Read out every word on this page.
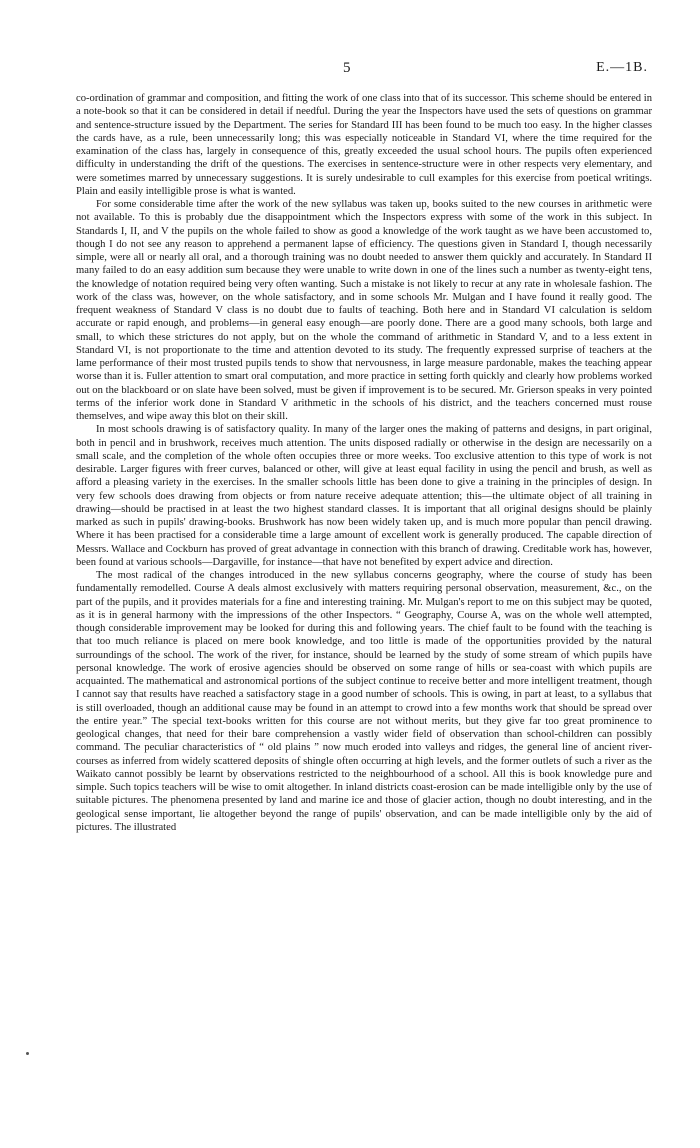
5	E.—1B.

co-ordination of grammar and composition, and fitting the work of one class into that of its successor. This scheme should be entered in a note-book so that it can be considered in detail if needful. During the year the Inspectors have used the sets of questions on grammar and sentence-structure issued by the Department. The series for Standard III has been found to be much too easy. In the higher classes the cards have, as a rule, been unnecessarily long; this was especially noticeable in Standard VI, where the time required for the examination of the class has, largely in consequence of this, greatly exceeded the usual school hours. The pupils often experienced difficulty in understanding the drift of the questions. The exercises in sentence-structure were in other respects very elementary, and were sometimes marred by unnecessary suggestions. It is surely undesirable to cull examples for this exercise from poetical writings. Plain and easily intelligible prose is what is wanted.

For some considerable time after the work of the new syllabus was taken up, books suited to the new courses in arithmetic were not available. To this is probably due the disappointment which the Inspectors express with some of the work in this subject. In Standards I, II, and V the pupils on the whole failed to show as good a knowledge of the work taught as we have been accustomed to, though I do not see any reason to apprehend a permanent lapse of efficiency. The questions given in Standard I, though necessarily simple, were all or nearly all oral, and a thorough training was no doubt needed to answer them quickly and accurately. In Standard II many failed to do an easy addition sum because they were unable to write down in one of the lines such a number as twenty-eight tens, the knowledge of notation required being very often wanting. Such a mistake is not likely to recur at any rate in wholesale fashion. The work of the class was, however, on the whole satisfactory, and in some schools Mr. Mulgan and I have found it really good. The frequent weakness of Standard V class is no doubt due to faults of teaching. Both here and in Standard VI calculation is seldom accurate or rapid enough, and problems—in general easy enough—are poorly done. There are a good many schools, both large and small, to which these strictures do not apply, but on the whole the command of arithmetic in Standard V, and to a less extent in Standard VI, is not proportionate to the time and attention devoted to its study. The frequently expressed surprise of teachers at the lame performance of their most trusted pupils tends to show that nervousness, in large measure pardonable, makes the teaching appear worse than it is. Fuller attention to smart oral computation, and more practice in setting forth quickly and clearly how problems worked out on the blackboard or on slate have been solved, must be given if improvement is to be secured. Mr. Grierson speaks in very pointed terms of the inferior work done in Standard V arithmetic in the schools of his district, and the teachers concerned must rouse themselves, and wipe away this blot on their skill.

In most schools drawing is of satisfactory quality. In many of the larger ones the making of patterns and designs, in part original, both in pencil and in brushwork, receives much attention. The units disposed radially or otherwise in the design are necessarily on a small scale, and the completion of the whole often occupies three or more weeks. Too exclusive attention to this type of work is not desirable. Larger figures with freer curves, balanced or other, will give at least equal facility in using the pencil and brush, as well as afford a pleasing variety in the exercises. In the smaller schools little has been done to give a training in the principles of design. In very few schools does drawing from objects or from nature receive adequate attention; this—the ultimate object of all training in drawing—should be practised in at least the two highest standard classes. It is important that all original designs should be plainly marked as such in pupils' drawing-books. Brushwork has now been widely taken up, and is much more popular than pencil drawing. Where it has been practised for a considerable time a large amount of excellent work is generally produced. The capable direction of Messrs. Wallace and Cockburn has proved of great advantage in connection with this branch of drawing. Creditable work has, however, been found at various schools—Dargaville, for instance—that have not benefited by expert advice and direction.

The most radical of the changes introduced in the new syllabus concerns geography, where the course of study has been fundamentally remodelled. Course A deals almost exclusively with matters requiring personal observation, measurement, &c., on the part of the pupils, and it provides materials for a fine and interesting training. Mr. Mulgan's report to me on this subject may be quoted, as it is in general harmony with the impressions of the other Inspectors. “ Geography, Course A, was on the whole well attempted, though considerable improvement may be looked for during this and following years. The chief fault to be found with the teaching is that too much reliance is placed on mere book knowledge, and too little is made of the opportunities provided by the natural surroundings of the school. The work of the river, for instance, should be learned by the study of some stream of which pupils have personal knowledge. The work of erosive agencies should be observed on some range of hills or sea-coast with which pupils are acquainted. The mathematical and astronomical portions of the subject continue to receive better and more intelligent treatment, though I cannot say that results have reached a satisfactory stage in a good number of schools. This is owing, in part at least, to a syllabus that is still overloaded, though an additional cause may be found in an attempt to crowd into a few months work that should be spread over the entire year.” The special text-books written for this course are not without merits, but they give far too great prominence to geological changes, that need for their bare comprehension a vastly wider field of observation than school-children can possibly command. The peculiar characteristics of “ old plains ” now much eroded into valleys and ridges, the general line of ancient river-courses as inferred from widely scattered deposits of shingle often occurring at high levels, and the former outlets of such a river as the Waikato cannot possibly be learnt by observations restricted to the neighbourhood of a school. All this is book knowledge pure and simple. Such topics teachers will be wise to omit altogether. In inland districts coast-erosion can be made intelligible only by the use of suitable pictures. The phenomena presented by land and marine ice and those of glacier action, though no doubt interesting, and in the geological sense important, lie altogether beyond the range of pupils' observation, and can be made intelligible only by the aid of pictures. The illustrated
